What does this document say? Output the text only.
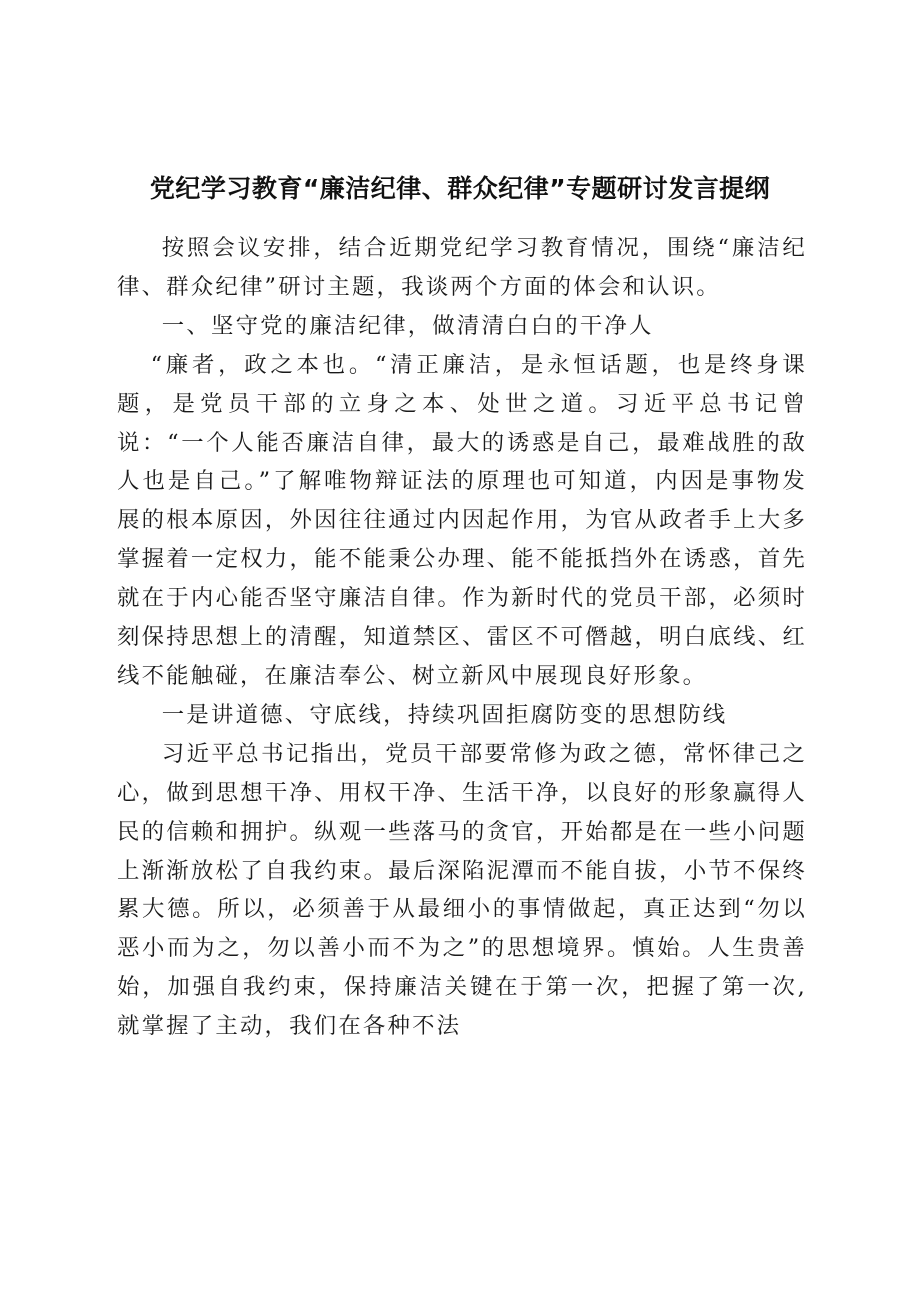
党纪学习教育“廉洁纪律、群众纪律”专题研讨发言提纲

按照会议安排，结合近期党纪学习教育情况，围绕“廉洁纪律、群众纪律”研讨主题，我谈两个方面的体会和认识。

一、坚守党的廉洁纪律，做清清白白的干净人

“廉者，政之本也。“清正廉洁，是永恒话题，也是终身课题，是党员干部的立身之本、处世之道。习近平总书记曾说：“一个人能否廉洁自律，最大的诱惑是自己，最难战胜的敌人也是自己。”了解唯物辩证法的原理也可知道，内因是事物发展的根本原因，外因往往通过内因起作用，为官从政者手上大多掌握着一定权力，能不能秉公办理、能不能抵挡外在诱惑，首先就在于内心能否坚守廉洁自律。作为新时代的党员干部，必须时刻保持思想上的清醒，知道禁区、雷区不可僭越，明白底线、红线不能触碰，在廉洁奉公、树立新风中展现良好形象。

一是讲道德、守底线，持续巩固拒腐防变的思想防线

习近平总书记指出，党员干部要常修为政之德，常怀律己之心，做到思想干净、用权干净、生活干净，以良好的形象赢得人民的信赖和拥护。纵观一些落马的贪官，开始都是在一些小问题上渐渐放松了自我约束。最后深陷泥潭而不能自拔，小节不保终累大德。所以，必须善于从最细小的事情做起，真正达到“勿以恶小而为之，勿以善小而不为之”的思想境界。慎始。人生贵善始，加强自我约束，保持廉洁关键在于第一次，把握了第一次,就掌握了主动，我们在各种不法
